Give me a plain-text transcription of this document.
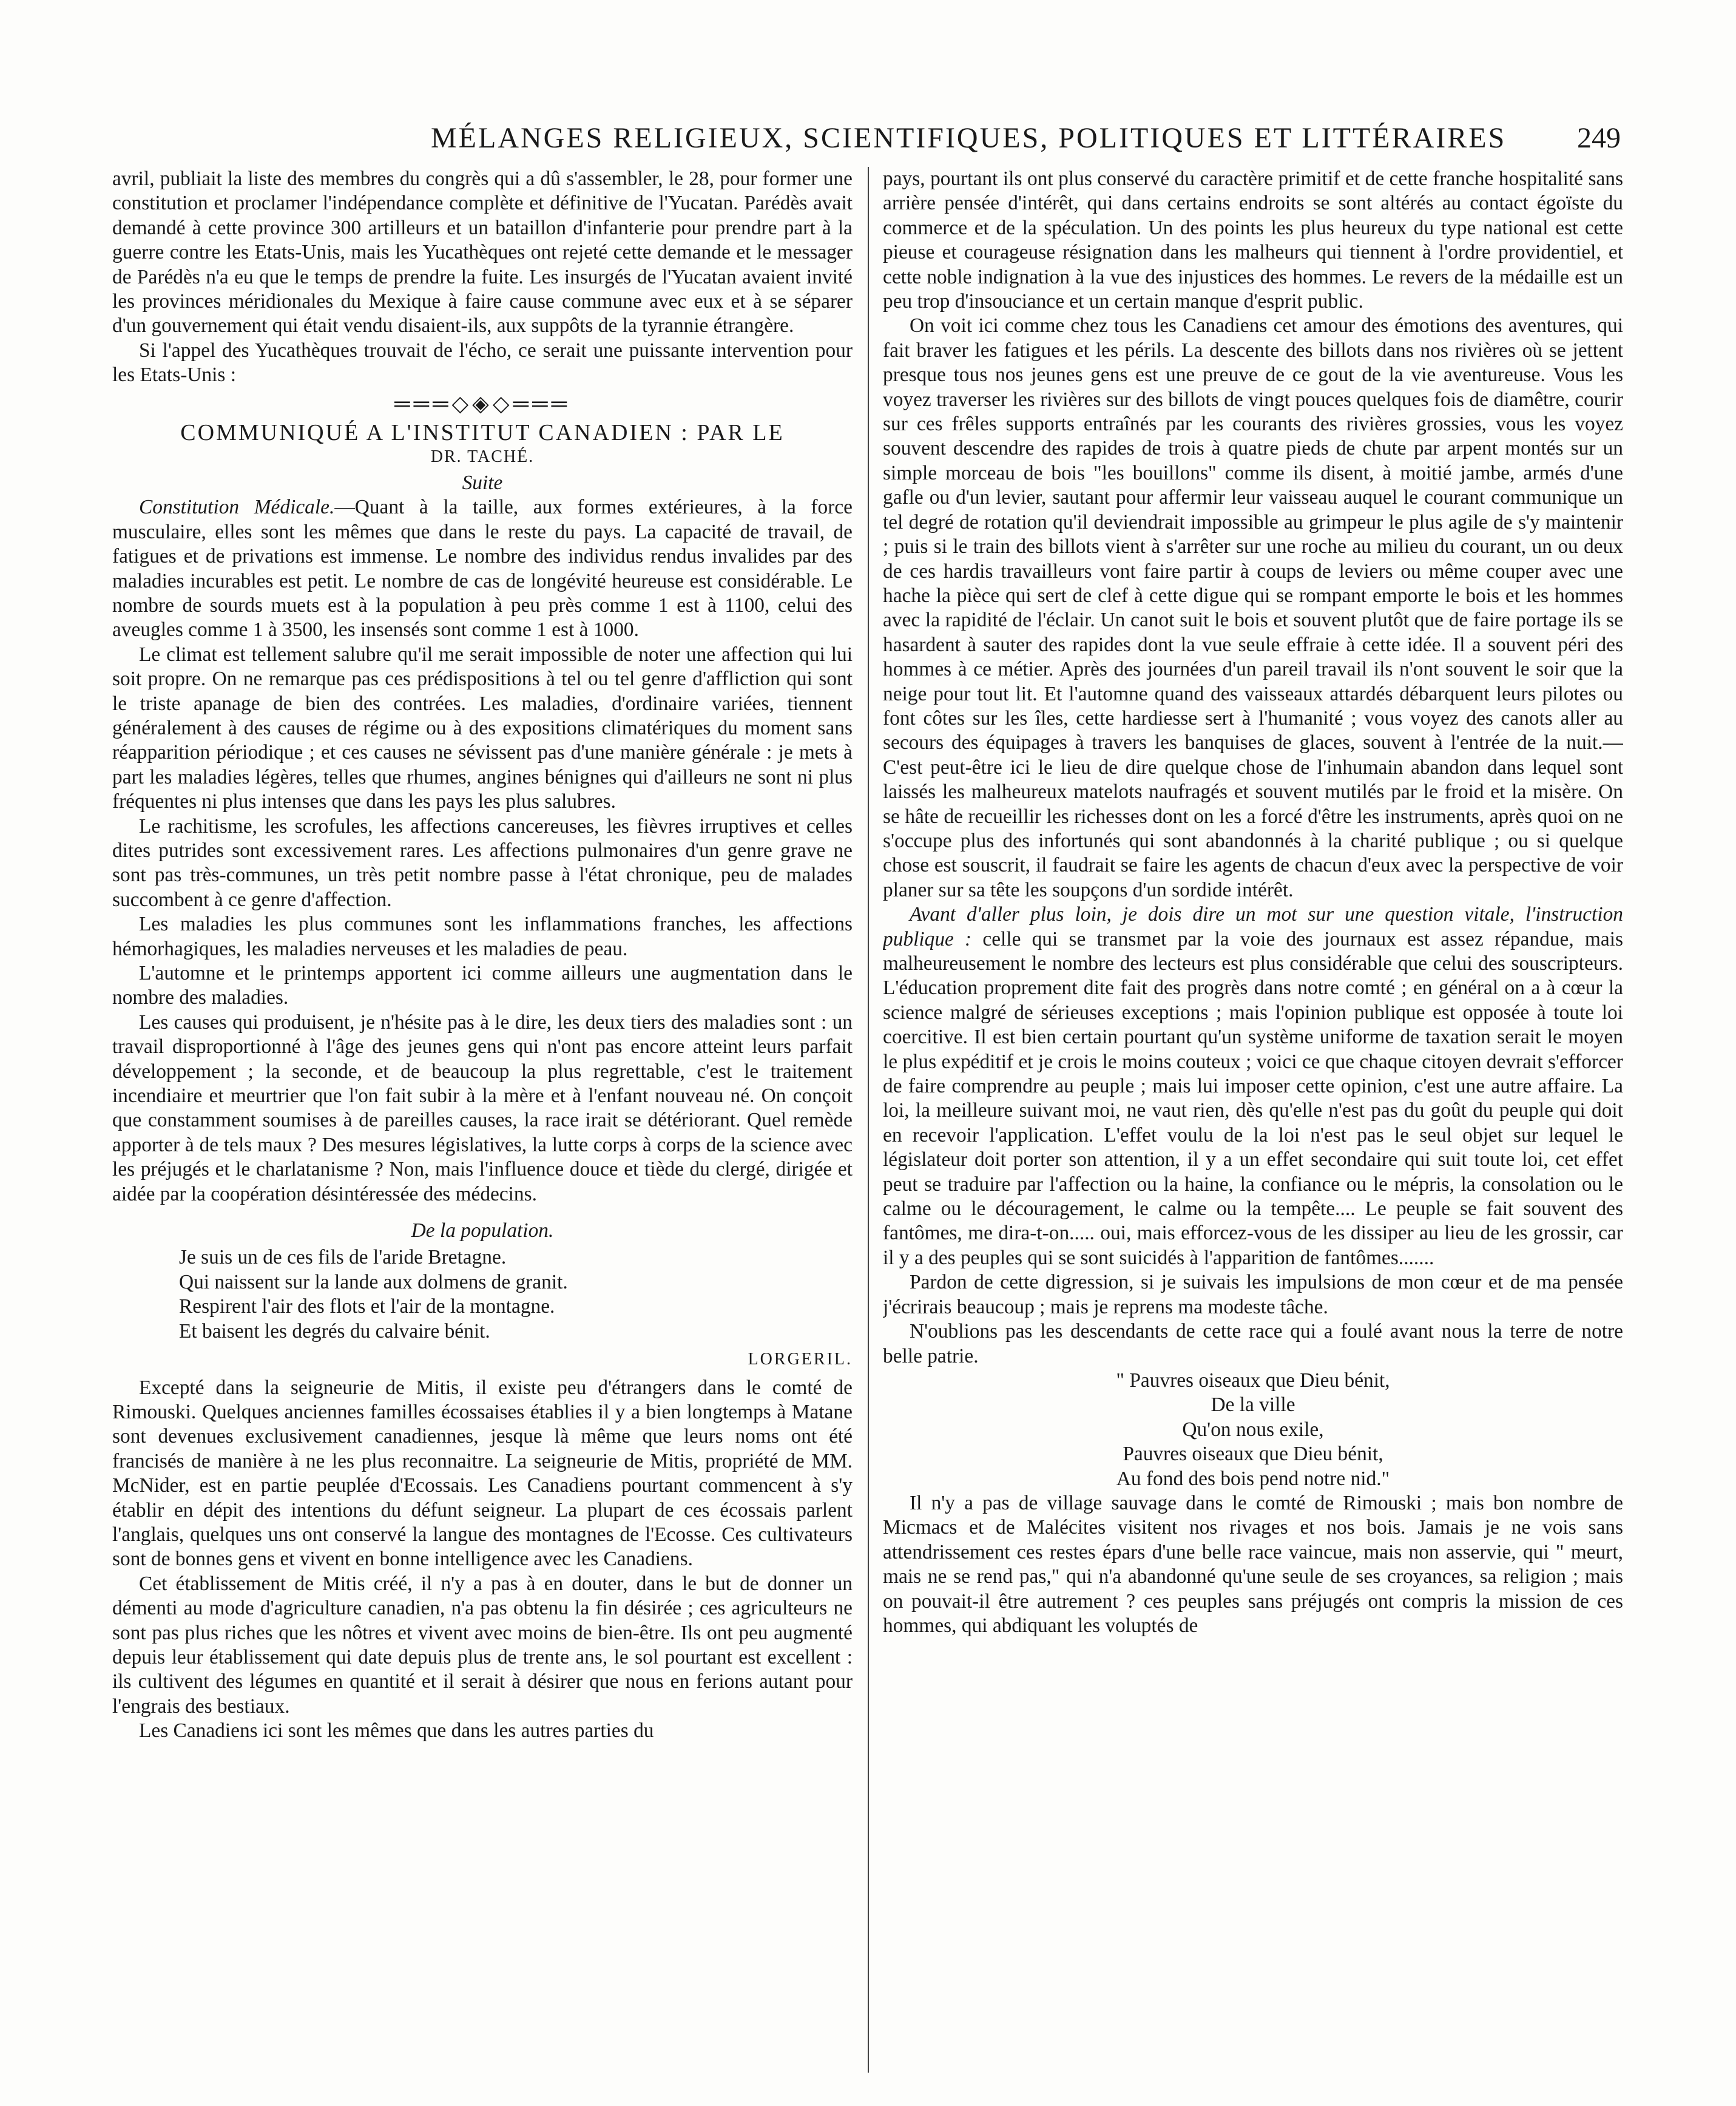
MÉLANGES RELIGIEUX, SCIENTIFIQUES, POLITIQUES ET LITTÉRAIRES 249

avril, publiait la liste des membres du congrès qui a dû s'assembler, le 28, pour former une constitution et proclamer l'indépendance complète et définitive de l'Yucatan. Parédès avait demandé à cette province 300 artilleurs et un bataillon d'infanterie pour prendre part à la guerre contre les Etats-Unis, mais les Yucathèques ont rejeté cette demande et le messager de Parédès n'a eu que le temps de prendre la fuite. Les insurgés de l'Yucatan avaient invité les provinces méridionales du Mexique à faire cause commune avec eux et à se séparer d'un gouvernement qui était vendu disaient-ils, aux suppôts de la tyrannie étrangère.

Si l'appel des Yucathèques trouvait de l'écho, ce serait une puissante intervention pour les Etats-Unis :

═══◇◈◇═══
COMMUNIQUÉ A L'INSTITUT CANADIEN : PAR LE
DR. TACHÉ.
Suite

Constitution Médicale.—Quant à la taille, aux formes extérieures, à la force musculaire, elles sont les mêmes que dans le reste du pays. La capacité de travail, de fatigues et de privations est immense. Le nombre des individus rendus invalides par des maladies incurables est petit. Le nombre de cas de longévité heureuse est considérable. Le nombre de sourds muets est à la population à peu près comme 1 est à 1100, celui des aveugles comme 1 à 3500, les insensés sont comme 1 est à 1000.

Le climat est tellement salubre qu'il me serait impossible de noter une affection qui lui soit propre. On ne remarque pas ces prédispositions à tel ou tel genre d'affliction qui sont le triste apanage de bien des contrées. Les maladies, d'ordinaire variées, tiennent généralement à des causes de régime ou à des expositions climatériques du moment sans réapparition périodique ; et ces causes ne sévissent pas d'une manière générale : je mets à part les maladies légères, telles que rhumes, angines bénignes qui d'ailleurs ne sont ni plus fréquentes ni plus intenses que dans les pays les plus salubres.

Le rachitisme, les scrofules, les affections cancereuses, les fièvres irruptives et celles dites putrides sont excessivement rares. Les affections pulmonaires d'un genre grave ne sont pas très-communes, un très petit nombre passe à l'état chronique, peu de malades succombent à ce genre d'affection.

Les maladies les plus communes sont les inflammations franches, les affections hémorhagiques, les maladies nerveuses et les maladies de peau.

L'automne et le printemps apportent ici comme ailleurs une augmentation dans le nombre des maladies.

Les causes qui produisent, je n'hésite pas à le dire, les deux tiers des maladies sont : un travail disproportionné à l'âge des jeunes gens qui n'ont pas encore atteint leurs parfait développement ; la seconde, et de beaucoup la plus regrettable, c'est le traitement incendiaire et meurtrier que l'on fait subir à la mère et à l'enfant nouveau né. On conçoit que constamment soumises à de pareilles causes, la race irait se détériorant. Quel remède apporter à de tels maux ? Des mesures législatives, la lutte corps à corps de la science avec les préjugés et le charlatanisme ? Non, mais l'influence douce et tiède du clergé, dirigée et aidée par la coopération désintéressée des médecins.

De la population.

Je suis un de ces fils de l'aride Bretagne.

Qui naissent sur la lande aux dolmens de granit.

Respirent l'air des flots et l'air de la montagne.

Et baisent les degrés du calvaire bénit.

LORGERIL.

Excepté dans la seigneurie de Mitis, il existe peu d'étrangers dans le comté de Rimouski. Quelques anciennes familles écossaises établies il y a bien longtemps à Matane sont devenues exclusivement canadiennes, jesque là même que leurs noms ont été francisés de manière à ne les plus reconnaitre. La seigneurie de Mitis, propriété de MM. McNider, est en partie peuplée d'Ecossais. Les Canadiens pourtant commencent à s'y établir en dépit des intentions du défunt seigneur. La plupart de ces écossais parlent l'anglais, quelques uns ont conservé la langue des montagnes de l'Ecosse. Ces cultivateurs sont de bonnes gens et vivent en bonne intelligence avec les Canadiens.

Cet établissement de Mitis créé, il n'y a pas à en douter, dans le but de donner un démenti au mode d'agriculture canadien, n'a pas obtenu la fin désirée ; ces agriculteurs ne sont pas plus riches que les nôtres et vivent avec moins de bien-être. Ils ont peu augmenté depuis leur établissement qui date depuis plus de trente ans, le sol pourtant est excellent : ils cultivent des légumes en quantité et il serait à désirer que nous en ferions autant pour l'engrais des bestiaux.

Les Canadiens ici sont les mêmes que dans les autres parties du

pays, pourtant ils ont plus conservé du caractère primitif et de cette franche hospitalité sans arrière pensée d'intérêt, qui dans certains endroits se sont altérés au contact égoïste du commerce et de la spéculation. Un des points les plus heureux du type national est cette pieuse et courageuse résignation dans les malheurs qui tiennent à l'ordre providentiel, et cette noble indignation à la vue des injustices des hommes. Le revers de la médaille est un peu trop d'insouciance et un certain manque d'esprit public.

On voit ici comme chez tous les Canadiens cet amour des émotions des aventures, qui fait braver les fatigues et les périls. La descente des billots dans nos rivières où se jettent presque tous nos jeunes gens est une preuve de ce gout de la vie aventureuse. Vous les voyez traverser les rivières sur des billots de vingt pouces quelques fois de diamêtre, courir sur ces frêles supports entraînés par les courants des rivières grossies, vous les voyez souvent descendre des rapides de trois à quatre pieds de chute par arpent montés sur un simple morceau de bois "les bouillons" comme ils disent, à moitié jambe, armés d'une gafle ou d'un levier, sautant pour affermir leur vaisseau auquel le courant communique un tel degré de rotation qu'il deviendrait impossible au grimpeur le plus agile de s'y maintenir ; puis si le train des billots vient à s'arrêter sur une roche au milieu du courant, un ou deux de ces hardis travailleurs vont faire partir à coups de leviers ou même couper avec une hache la pièce qui sert de clef à cette digue qui se rompant emporte le bois et les hommes avec la rapidité de l'éclair. Un canot suit le bois et souvent plutôt que de faire portage ils se hasardent à sauter des rapides dont la vue seule effraie à cette idée. Il a souvent péri des hommes à ce métier. Après des journées d'un pareil travail ils n'ont souvent le soir que la neige pour tout lit. Et l'automne quand des vaisseaux attardés débarquent leurs pilotes ou font côtes sur les îles, cette hardiesse sert à l'humanité ; vous voyez des canots aller au secours des équipages à travers les banquises de glaces, souvent à l'entrée de la nuit.—C'est peut-être ici le lieu de dire quelque chose de l'inhumain abandon dans lequel sont laissés les malheureux matelots naufragés et souvent mutilés par le froid et la misère. On se hâte de recueillir les richesses dont on les a forcé d'être les instruments, après quoi on ne s'occupe plus des infortunés qui sont abandonnés à la charité publique ; ou si quelque chose est souscrit, il faudrait se faire les agents de chacun d'eux avec la perspective de voir planer sur sa tête les soupçons d'un sordide intérêt.

Avant d'aller plus loin, je dois dire un mot sur une question vitale, l'instruction publique : celle qui se transmet par la voie des journaux est assez répandue, mais malheureusement le nombre des lecteurs est plus considérable que celui des souscripteurs. L'éducation proprement dite fait des progrès dans notre comté ; en général on a à cœur la science malgré de sérieuses exceptions ; mais l'opinion publique est opposée à toute loi coercitive. Il est bien certain pourtant qu'un système uniforme de taxation serait le moyen le plus expéditif et je crois le moins couteux ; voici ce que chaque citoyen devrait s'efforcer de faire comprendre au peuple ; mais lui imposer cette opinion, c'est une autre affaire. La loi, la meilleure suivant moi, ne vaut rien, dès qu'elle n'est pas du goût du peuple qui doit en recevoir l'application. L'effet voulu de la loi n'est pas le seul objet sur lequel le législateur doit porter son attention, il y a un effet secondaire qui suit toute loi, cet effet peut se traduire par l'affection ou la haine, la confiance ou le mépris, la consolation ou le calme ou le découragement, le calme ou la tempête.... Le peuple se fait souvent des fantômes, me dira-t-on..... oui, mais efforcez-vous de les dissiper au lieu de les grossir, car il y a des peuples qui se sont suicidés à l'apparition de fantômes.......

Pardon de cette digression, si je suivais les impulsions de mon cœur et de ma pensée j'écrirais beaucoup ; mais je reprens ma modeste tâche.

N'oublions pas les descendants de cette race qui a foulé avant nous la terre de notre belle patrie.

" Pauvres oiseaux que Dieu bénit,
De la ville
Qu'on nous exile,
Pauvres oiseaux que Dieu bénit,
Au fond des bois pend notre nid."

Il n'y a pas de village sauvage dans le comté de Rimouski ; mais bon nombre de Micmacs et de Malécites visitent nos rivages et nos bois. Jamais je ne vois sans attendrissement ces restes épars d'une belle race vaincue, mais non asservie, qui " meurt, mais ne se rend pas," qui n'a abandonné qu'une seule de ses croyances, sa religion ; mais on pouvait-il être autrement ? ces peuples sans préjugés ont compris la mission de ces hommes, qui abdiquant les voluptés de
